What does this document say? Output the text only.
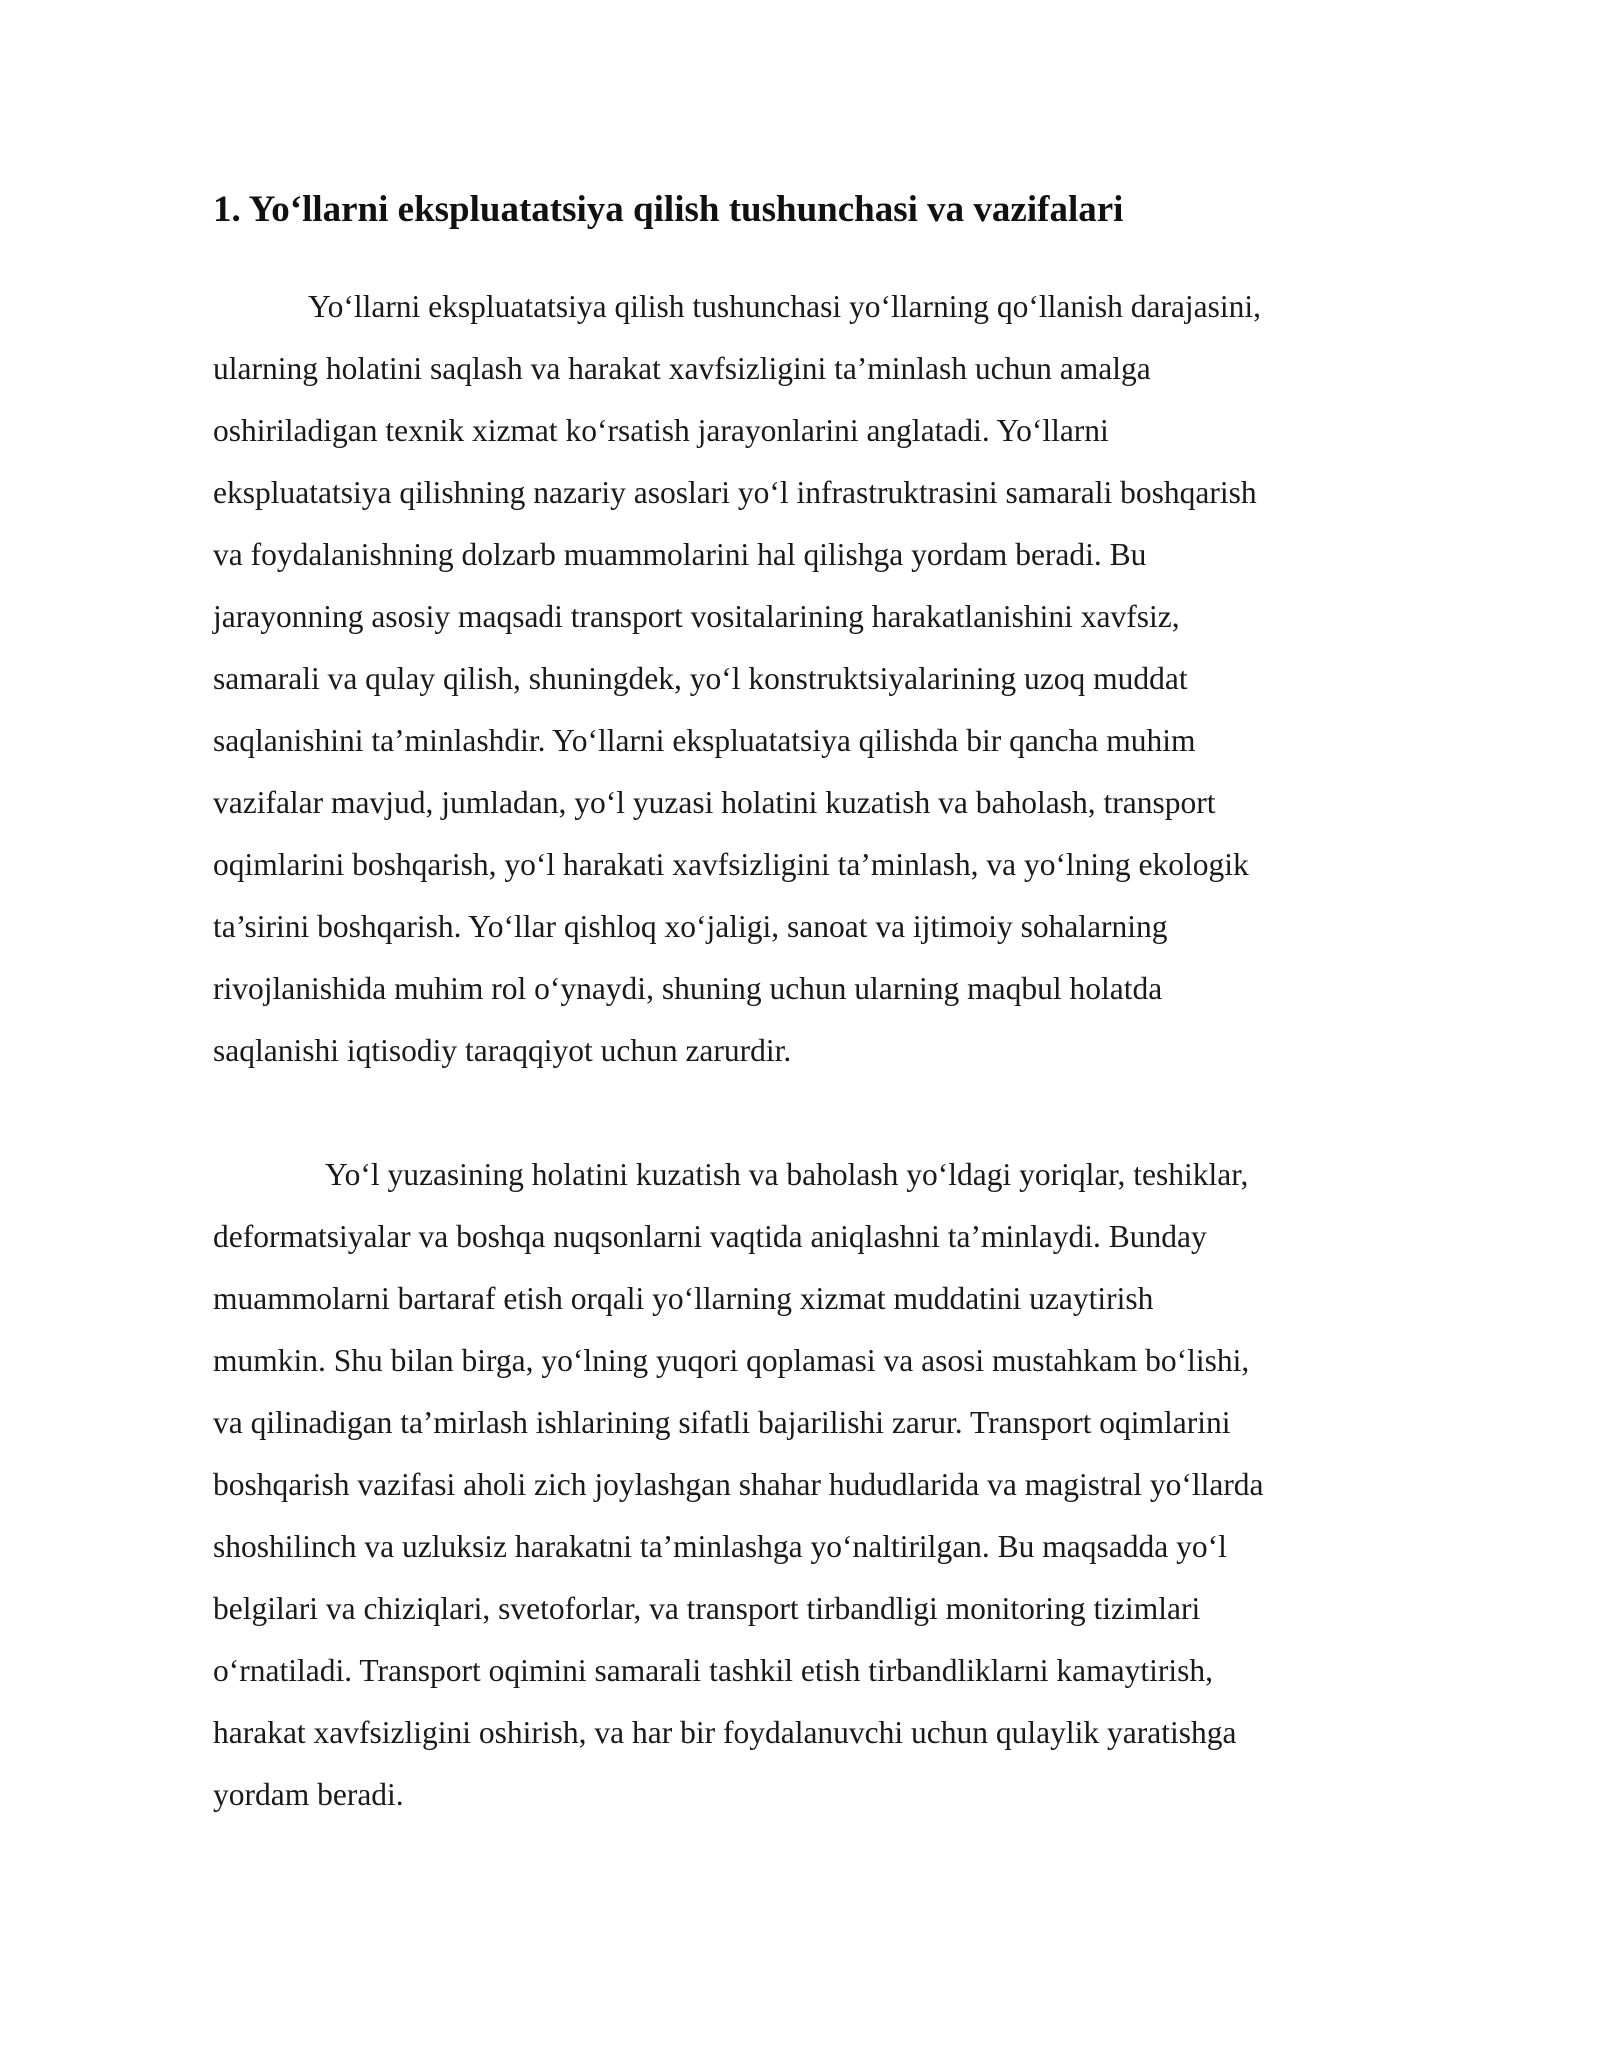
1. Yo‘llarni ekspluatatsiya qilish tushunchasi va vazifalari

Yo‘llarni ekspluatatsiya qilish tushunchasi yo‘llarning qo‘llanish darajasini,

ularning holatini saqlash va harakat xavfsizligini ta’minlash uchun amalga

oshiriladigan texnik xizmat ko‘rsatish jarayonlarini anglatadi. Yo‘llarni

ekspluatatsiya qilishning nazariy asoslari yo‘l infrastruktrasini samarali boshqarish

va foydalanishning dolzarb muammolarini hal qilishga yordam beradi. Bu

jarayonning asosiy maqsadi transport vositalarining harakatlanishini xavfsiz,

samarali va qulay qilish, shuningdek, yo‘l konstruktsiyalarining uzoq muddat

saqlanishini ta’minlashdir. Yo‘llarni ekspluatatsiya qilishda bir qancha muhim

vazifalar mavjud, jumladan, yo‘l yuzasi holatini kuzatish va baholash, transport

oqimlarini boshqarish, yo‘l harakati xavfsizligini ta’minlash, va yo‘lning ekologik

ta’sirini boshqarish. Yo‘llar qishloq xo‘jaligi, sanoat va ijtimoiy sohalarning

rivojlanishida muhim rol o‘ynaydi, shuning uchun ularning maqbul holatda

saqlanishi iqtisodiy taraqqiyot uchun zarurdir.

Yo‘l yuzasining holatini kuzatish va baholash yo‘ldagi yoriqlar, teshiklar,

deformatsiyalar va boshqa nuqsonlarni vaqtida aniqlashni ta’minlaydi. Bunday

muammolarni bartaraf etish orqali yo‘llarning xizmat muddatini uzaytirish

mumkin. Shu bilan birga, yo‘lning yuqori qoplamasi va asosi mustahkam bo‘lishi,

va qilinadigan ta’mirlash ishlarining sifatli bajarilishi zarur. Transport oqimlarini

boshqarish vazifasi aholi zich joylashgan shahar hududlarida va magistral yo‘llarda

shoshilinch va uzluksiz harakatni ta’minlashga yo‘naltirilgan. Bu maqsadda yo‘l

belgilari va chiziqlari, svetoforlar, va transport tirbandligi monitoring tizimlari

o‘rnatiladi. Transport oqimini samarali tashkil etish tirbandliklarni kamaytirish,

harakat xavfsizligini oshirish, va har bir foydalanuvchi uchun qulaylik yaratishga

yordam beradi.
